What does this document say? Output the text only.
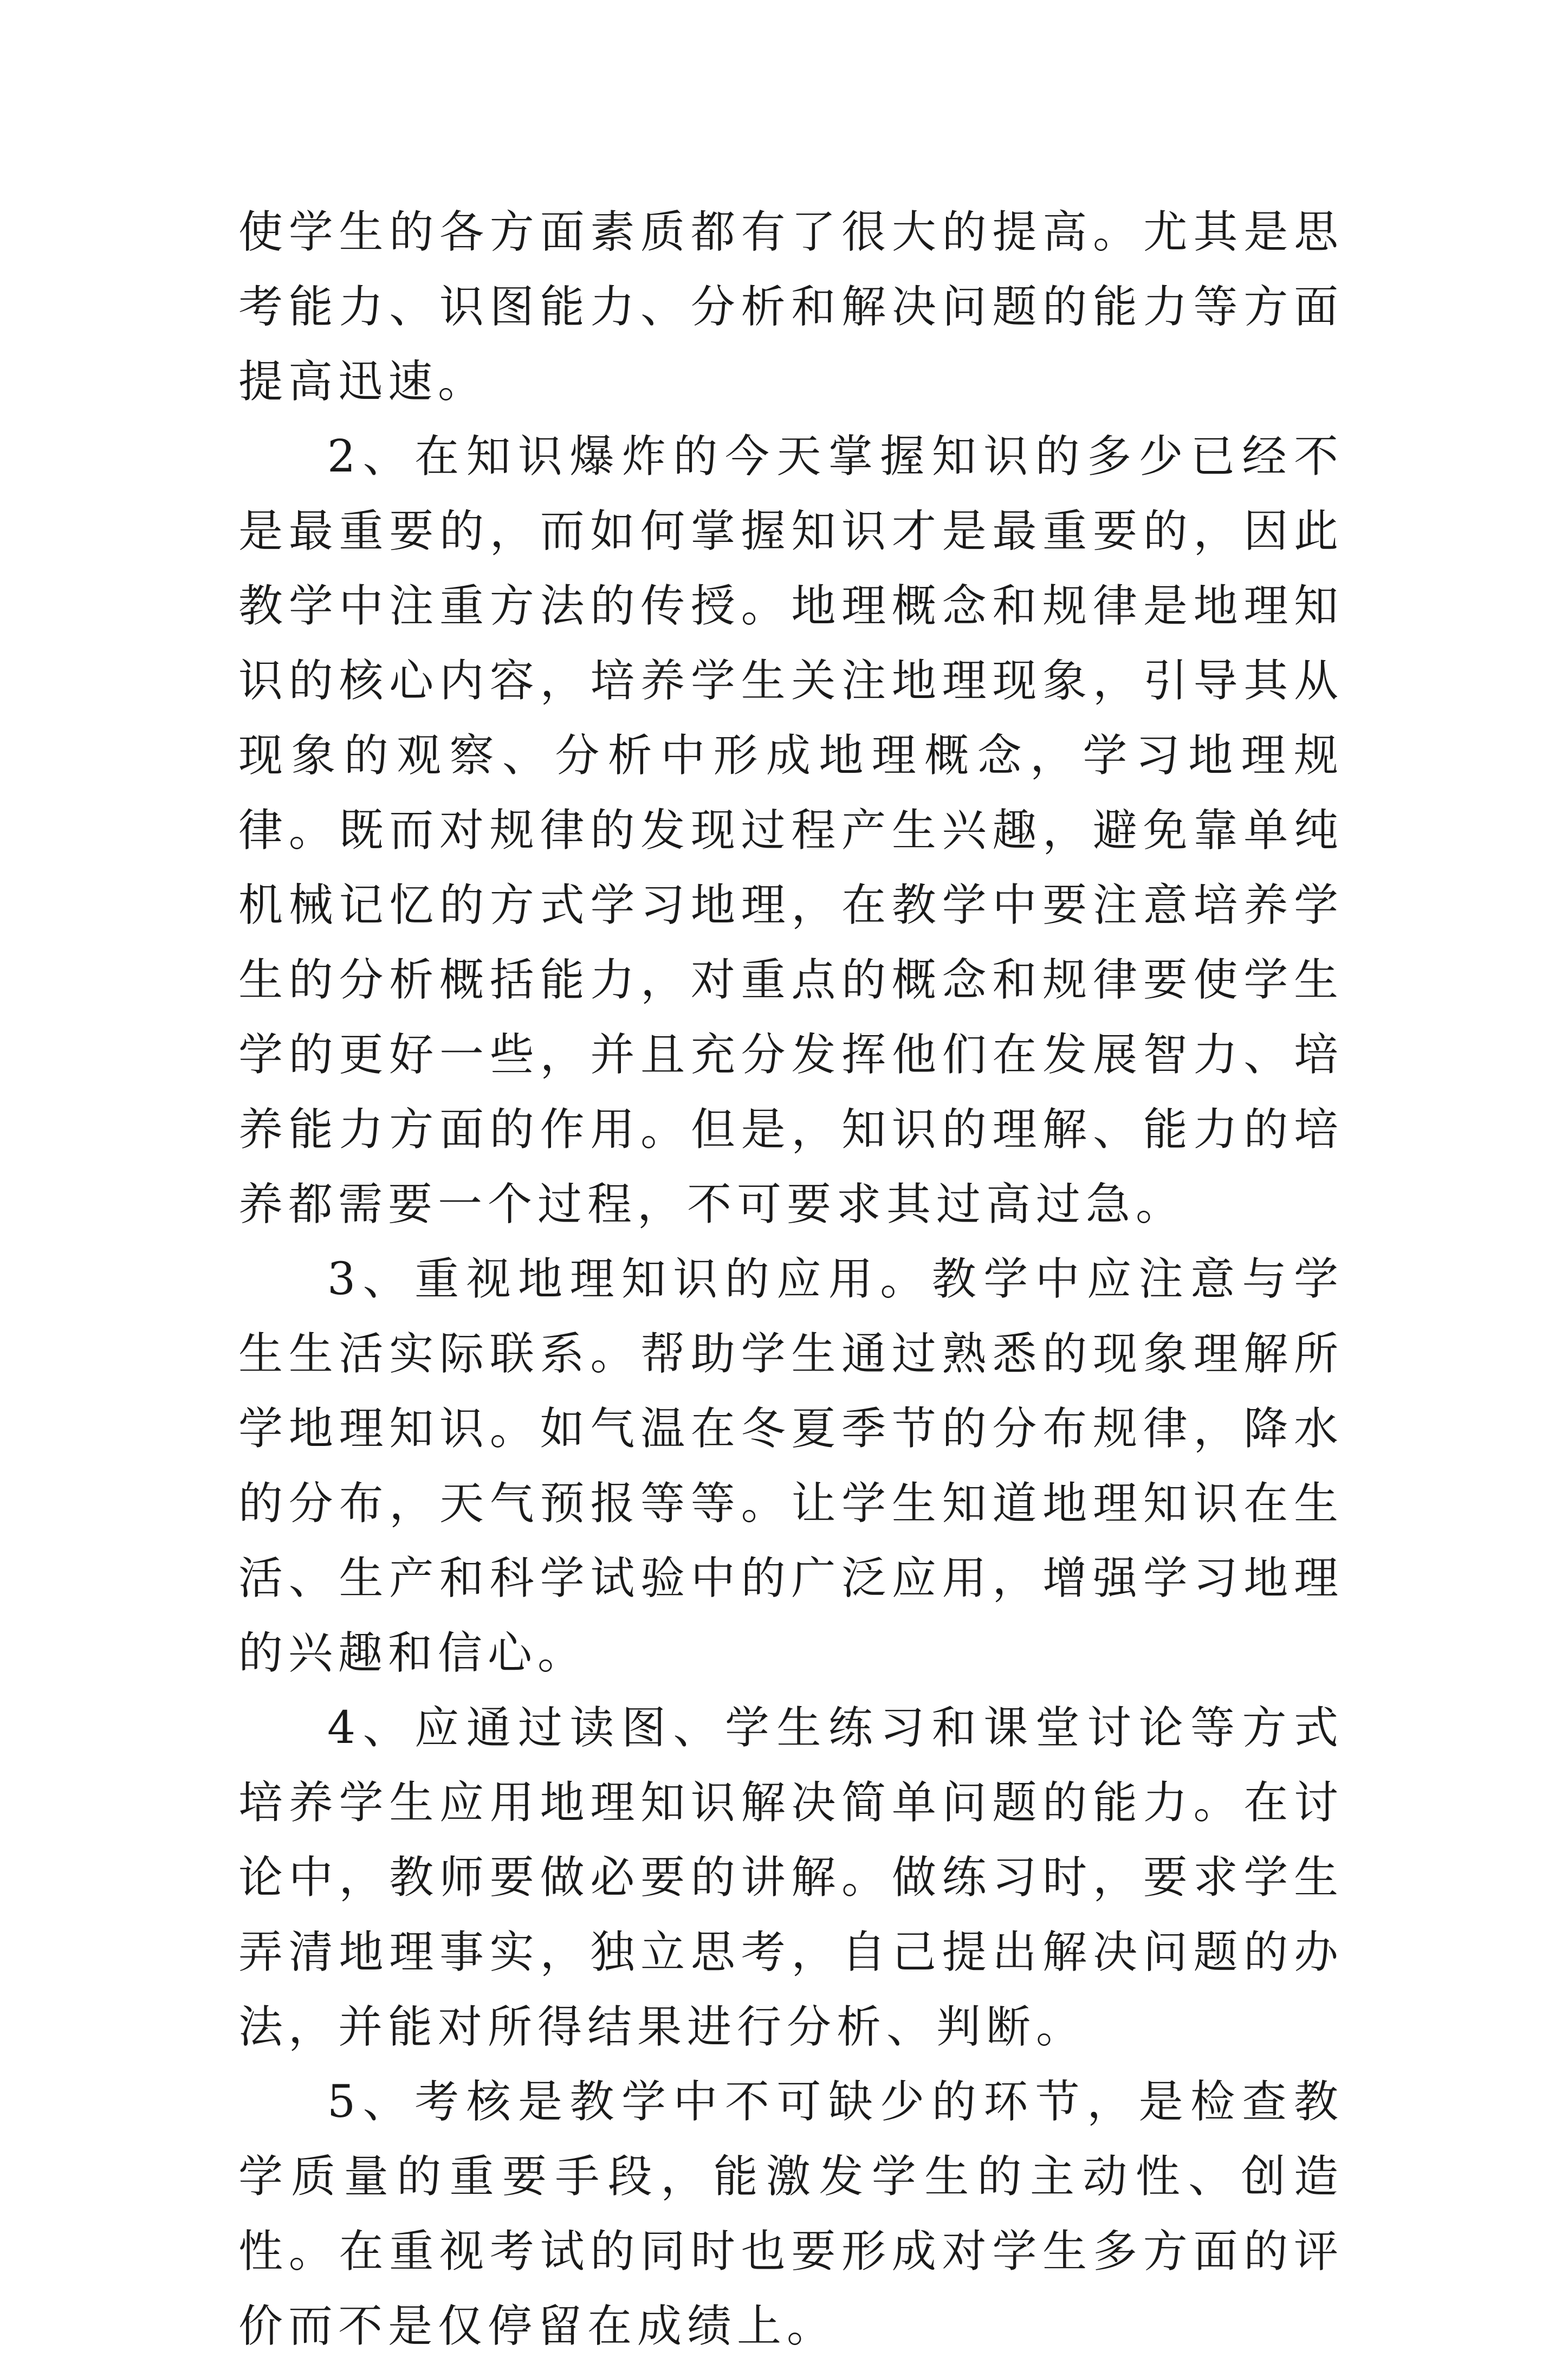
使学生的各方面素质都有了很大的提高。尤其是思考能力、识图能力、分析和解决问题的能力等方面提高迅速。

2、在知识爆炸的今天掌握知识的多少已经不是最重要的，而如何掌握知识才是最重要的，因此教学中注重方法的传授。地理概念和规律是地理知识的核心内容，培养学生关注地理现象，引导其从现象的观察、分析中形成地理概念，学习地理规律。既而对规律的发现过程产生兴趣，避免靠单纯机械记忆的方式学习地理，在教学中要注意培养学生的分析概括能力，对重点的概念和规律要使学生学的更好一些，并且充分发挥他们在发展智力、培养能力方面的作用。但是，知识的理解、能力的培养都需要一个过程，不可要求其过高过急。

3、重视地理知识的应用。教学中应注意与学生生活实际联系。帮助学生通过熟悉的现象理解所学地理知识。如气温在冬夏季节的分布规律，降水的分布，天气预报等等。让学生知道地理知识在生活、生产和科学试验中的广泛应用，增强学习地理的兴趣和信心。

4、应通过读图、学生练习和课堂讨论等方式培养学生应用地理知识解决简单问题的能力。在讨论中，教师要做必要的讲解。做练习时，要求学生弄清地理事实，独立思考，自己提出解决问题的办法，并能对所得结果进行分析、判断。

5、考核是教学中不可缺少的环节，是检查教学质量的重要手段，能激发学生的主动性、创造性。在重视考试的同时也要形成对学生多方面的评价而不是仅停留在成绩上。
